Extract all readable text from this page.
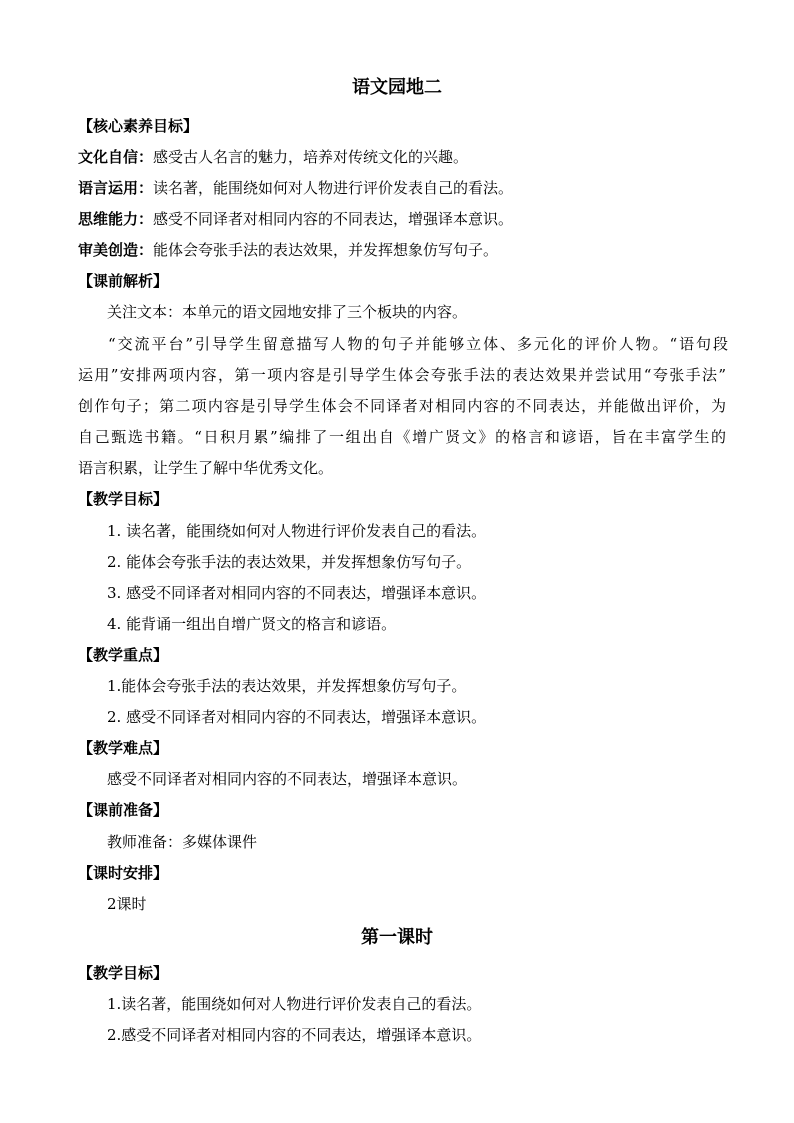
语文园地二
【核心素养目标】
文化自信：感受古人名言的魅力，培养对传统文化的兴趣。
语言运用：读名著，能围绕如何对人物进行评价发表自己的看法。
思维能力：感受不同译者对相同内容的不同表达，增强译本意识。
审美创造：能体会夸张手法的表达效果，并发挥想象仿写句子。
【课前解析】
关注文本：本单元的语文园地安排了三个板块的内容。
“交流平台”引导学生留意描写人物的句子并能够立体、多元化的评价人物。“语句段
运用”安排两项内容，第一项内容是引导学生体会夸张手法的表达效果并尝试用“夸张手法”
创作句子；第二项内容是引导学生体会不同译者对相同内容的不同表达，并能做出评价，为
自己甄选书籍。“日积月累”编排了一组出自《增广贤文》的格言和谚语，旨在丰富学生的
语言积累，让学生了解中华优秀文化。
【教学目标】
1. 读名著，能围绕如何对人物进行评价发表自己的看法。
2. 能体会夸张手法的表达效果，并发挥想象仿写句子。
3. 感受不同译者对相同内容的不同表达，增强译本意识。
4. 能背诵一组出自增广贤文的格言和谚语。
【教学重点】
1.能体会夸张手法的表达效果，并发挥想象仿写句子。
2. 感受不同译者对相同内容的不同表达，增强译本意识。
【教学难点】
感受不同译者对相同内容的不同表达，增强译本意识。
【课前准备】
教师准备：多媒体课件
【课时安排】
2课时
第一课时
【教学目标】
1.读名著，能围绕如何对人物进行评价发表自己的看法。
2.感受不同译者对相同内容的不同表达，增强译本意识。
